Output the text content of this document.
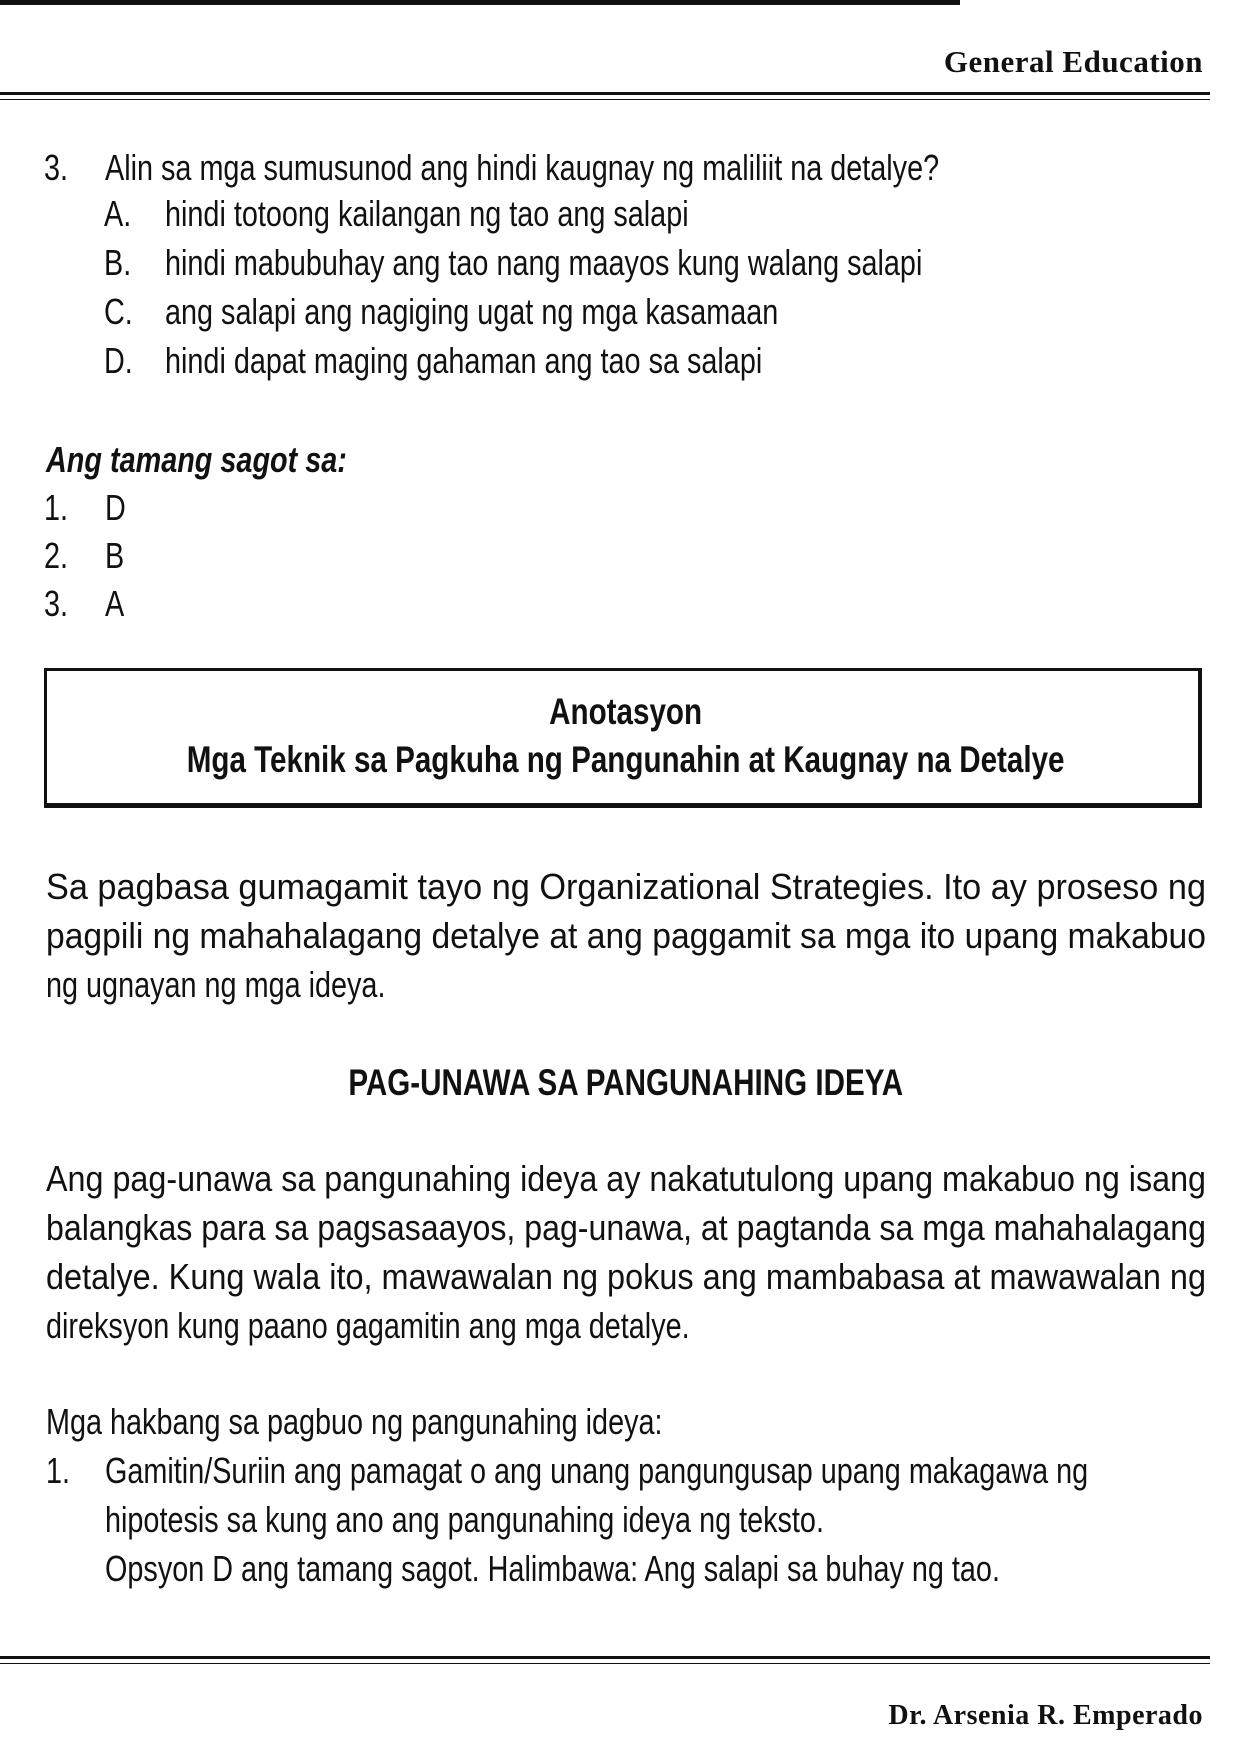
General Education
3. Alin sa mga sumusunod ang hindi kaugnay ng maliliit na detalye?
A. hindi totoong kailangan ng tao ang salapi
B. hindi mabubuhay ang tao nang maayos kung walang salapi
C. ang salapi ang nagiging ugat ng mga kasamaan
D. hindi dapat maging gahaman ang tao sa salapi
Ang tamang sagot sa:
1. D
2. B
3. A
Anotasyon
Mga Teknik sa Pagkuha ng Pangunahin at Kaugnay na Detalye
Sa pagbasa gumagamit tayo ng Organizational Strategies. Ito ay proseso ng
pagpili ng mahahalagang detalye at ang paggamit sa mga ito upang makabuo
ng ugnayan ng mga ideya.
PAG-UNAWA SA PANGUNAHING IDEYA
Ang pag-unawa sa pangunahing ideya ay nakatutulong upang makabuo ng isang
balangkas para sa pagsasaayos, pag-unawa, at pagtanda sa mga mahahalagang
detalye. Kung wala ito, mawawalan ng pokus ang mambabasa at mawawalan ng
direksyon kung paano gagamitin ang mga detalye.
Mga hakbang sa pagbuo ng pangunahing ideya:
1. Gamitin/Suriin ang pamagat o ang unang pangungusap upang makagawa ng
hipotesis sa kung ano ang pangunahing ideya ng teksto.
Opsyon D ang tamang sagot. Halimbawa: Ang salapi sa buhay ng tao.
Dr. Arsenia R. Emperado
